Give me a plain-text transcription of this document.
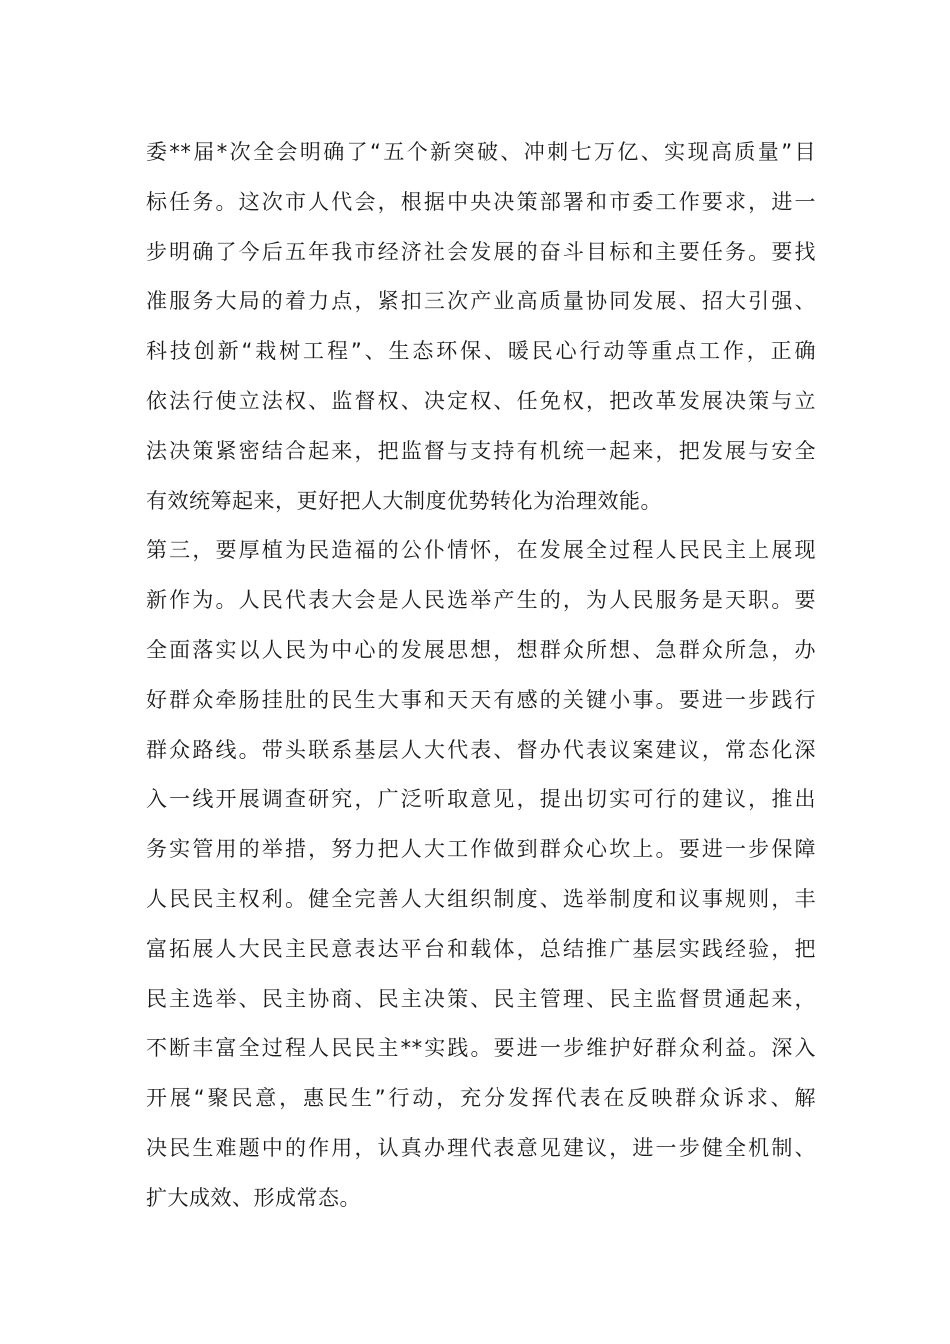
委**届*次全会明确了“五个新突破、冲刺七万亿、实现高质量”目
标任务。这次市人代会，根据中央决策部署和市委工作要求，进一
步明确了今后五年我市经济社会发展的奋斗目标和主要任务。要找
准服务大局的着力点，紧扣三次产业高质量协同发展、招大引强、
科技创新“栽树工程”、生态环保、暖民心行动等重点工作，正确
依法行使立法权、监督权、决定权、任免权，把改革发展决策与立
法决策紧密结合起来，把监督与支持有机统一起来，把发展与安全
有效统筹起来，更好把人大制度优势转化为治理效能。
第三，要厚植为民造福的公仆情怀，在发展全过程人民民主上展现
新作为。人民代表大会是人民选举产生的，为人民服务是天职。要
全面落实以人民为中心的发展思想，想群众所想、急群众所急，办
好群众牵肠挂肚的民生大事和天天有感的关键小事。要进一步践行
群众路线。带头联系基层人大代表、督办代表议案建议，常态化深
入一线开展调查研究，广泛听取意见，提出切实可行的建议，推出
务实管用的举措，努力把人大工作做到群众心坎上。要进一步保障
人民民主权利。健全完善人大组织制度、选举制度和议事规则，丰
富拓展人大民主民意表达平台和载体，总结推广基层实践经验，把
民主选举、民主协商、民主决策、民主管理、民主监督贯通起来，
不断丰富全过程人民民主**实践。要进一步维护好群众利益。深入
开展“聚民意，惠民生”行动，充分发挥代表在反映群众诉求、解
决民生难题中的作用，认真办理代表意见建议，进一步健全机制、
扩大成效、形成常态。
